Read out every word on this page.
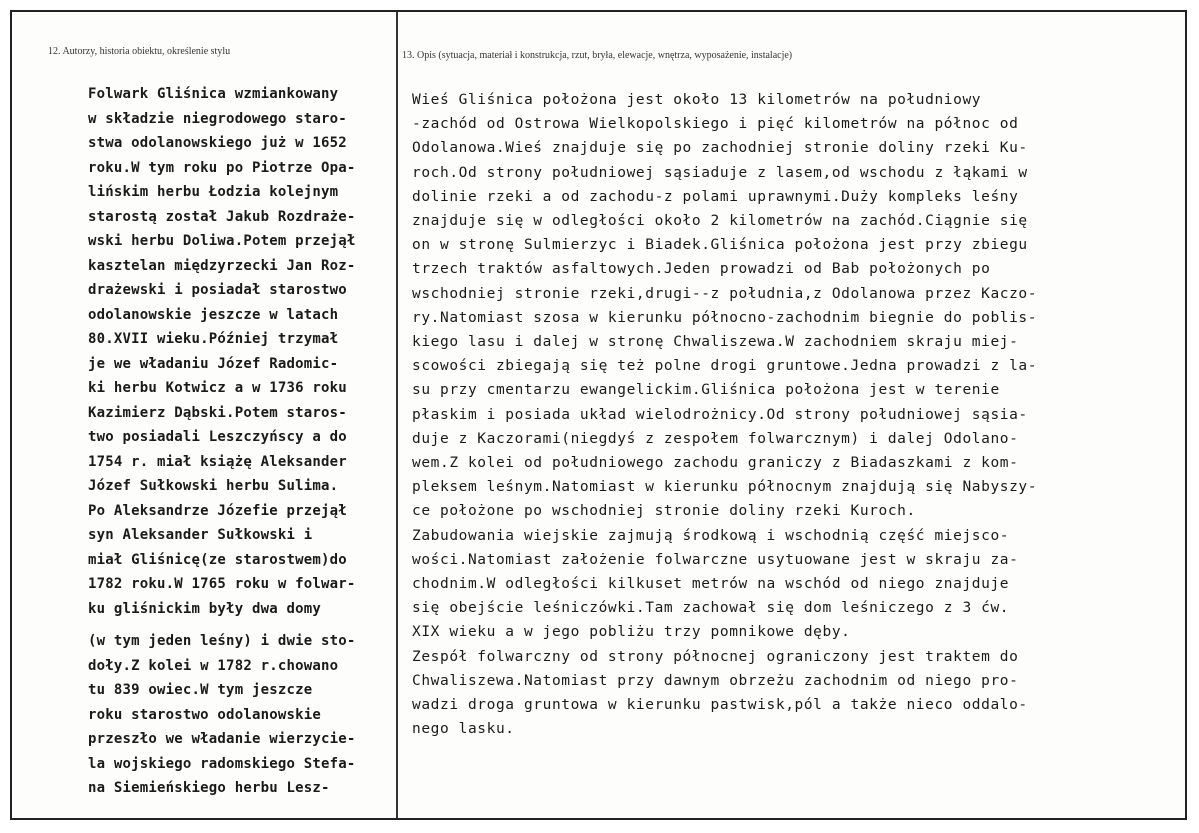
12. Autorzy, historia obiektu, określenie stylu	13. Opis (sytuacja, materiał i konstrukcja, rzut, bryła, elewacje, wnętrza, wyposażenie, instalacje)
Folwark Gliśnica wzmiankowany
w składzie niegrodowego staro-
stwa odolanowskiego już w 1652
roku.W tym roku po Piotrze Opa-
lińskim herbu Łodzia kolejnym
starostą został Jakub Rozdraże-
wski herbu Doliwa.Potem przejął
kasztelan międzyrzecki Jan Roz-
drażewski i posiadał starostwo
odolanowskie jeszcze w latach
80.XVII wieku.Później trzymał
je we władaniu Józef Radomic-
ki herbu Kotwicz a w 1736 roku
Kazimierz Dąbski.Potem staros-
two posiadali Leszczyńscy a do
1754 r. miał książę Aleksander
Józef Sułkowski herbu Sulima.
Po Aleksandrze Józefie przejął
syn Aleksander Sułkowski i
miał Gliśnicę(ze starostwem)do
1782 roku.W 1765 roku w folwar-
ku gliśnickim były dwa domy
(w tym jeden leśny) i dwie sto-
doły.Z kolei w 1782 r.chowano
tu 839 owiec.W tym jeszcze
roku starostwo odolanowskie
przeszło we władanie wierzycie-
la wojskiego radomskiego Stefa-
na Siemieńskiego herbu Lesz-
Wieś Gliśnica położona jest około 13 kilometrów na południowy
-zachód od Ostrowa Wielkopolskiego i pięć kilometrów na północ od
Odolanowa.Wieś znajduje się po zachodniej stronie doliny rzeki Ku-
roch.Od strony południowej sąsiaduje z lasem,od wschodu z łąkami w
dolinie rzeki a od zachodu-z polami uprawnymi.Duży kompleks leśny
znajduje się w odległości około 2 kilometrów na zachód.Ciągnie się
on w stronę Sulmierzyc i Biadek.Gliśnica położona jest przy zbiegu
trzech traktów asfaltowych.Jeden prowadzi od Bab położonych po
wschodniej stronie rzeki,drugi--z południa,z Odolanowa przez Kaczo-
ry.Natomiast szosa w kierunku północno-zachodnim biegnie do poblis-
kiego lasu i dalej w stronę Chwaliszewa.W zachodniem skraju miej-
scowości zbiegają się też polne drogi gruntowe.Jedna prowadzi z la-
su przy cmentarzu ewangelickim.Gliśnica położona jest w terenie
płaskim i posiada układ wielodrożnicy.Od strony południowej sąsia-
duje z Kaczorami(niegdyś z zespołem folwarcznym) i dalej Odolano-
wem.Z kolei od południowego zachodu graniczy z Biadaszkami z kom-
pleksem leśnym.Natomiast w kierunku północnym znajdują się Nabyszy-
ce położone po wschodniej stronie doliny rzeki Kuroch.
Zabudowania wiejskie zajmują środkową i wschodnią część miejsco-
wości.Natomiast założenie folwarczne usytuowane jest w skraju za-
chodnim.W odległości kilkuset metrów na wschód od niego znajduje
się obejście leśniczówki.Tam zachował się dom leśniczego z 3 ćw.
XIX wieku a w jego pobliżu trzy pomnikowe dęby.
Zespół folwarczny od strony północnej ograniczony jest traktem do
Chwaliszewa.Natomiast przy dawnym obrzeżu zachodnim od niego pro-
wadzi droga gruntowa w kierunku pastwisk,pól a także nieco oddalo-
nego lasku.
